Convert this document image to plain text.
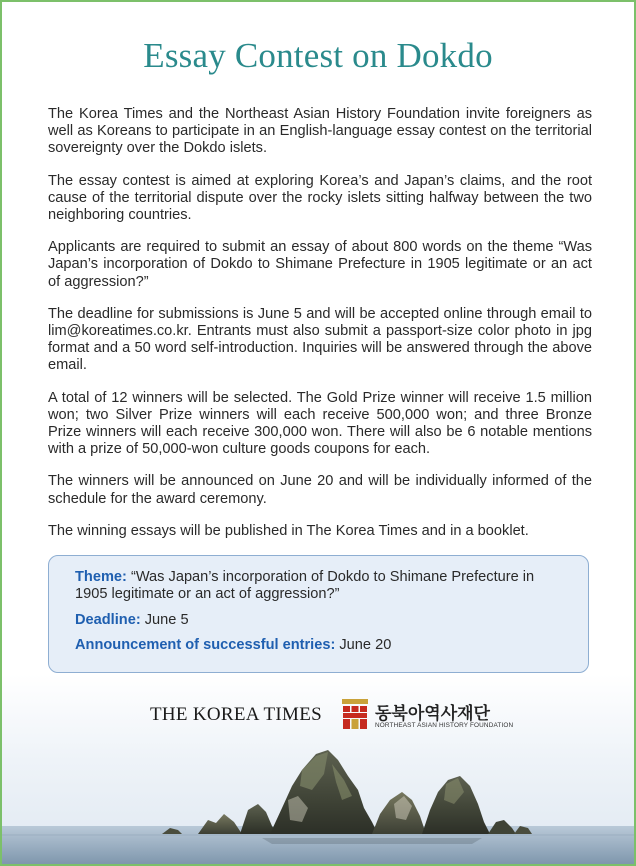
Essay Contest on Dokdo

The Korea Times and the Northeast Asian History Foundation invite foreigners as well as Koreans to participate in an English-language essay contest on the territorial sovereignty over the Dokdo islets.

The essay contest is aimed at exploring Korea’s and Japan’s claims, and the root cause of the territorial dispute over the rocky islets sitting halfway between the two neighboring countries.

Applicants are required to submit an essay of about 800 words on the theme “Was Japan’s incorporation of Dokdo to Shimane Prefecture in 1905 legitimate or an act of aggression?”

The deadline for submissions is June 5 and will be accepted online through email to lim@koreatimes.co.kr. Entrants must also submit a passport-size color photo in jpg format and a 50 word self-introduction. Inquiries will be answered through the above email.

A total of 12 winners will be selected. The Gold Prize winner will receive 1.5 million won; two Silver Prize winners will each receive 500,000 won; and three Bronze Prize winners will each receive 300,000 won. There will also be 6 notable mentions with a prize of 50,000-won culture goods coupons for each.

The winners will be announced on June 20 and will be individually informed of the schedule for the award ceremony.

The winning essays will be published in The Korea Times and in a booklet.

Theme: “Was Japan’s incorporation of Dokdo to Shimane Prefecture in 1905 legitimate or an act of aggression?”
Deadline: June 5
Announcement of successful entries: June 20
THE KOREA TIMES	동북아역사재단
NORTHEAST ASIAN HISTORY FOUNDATION
